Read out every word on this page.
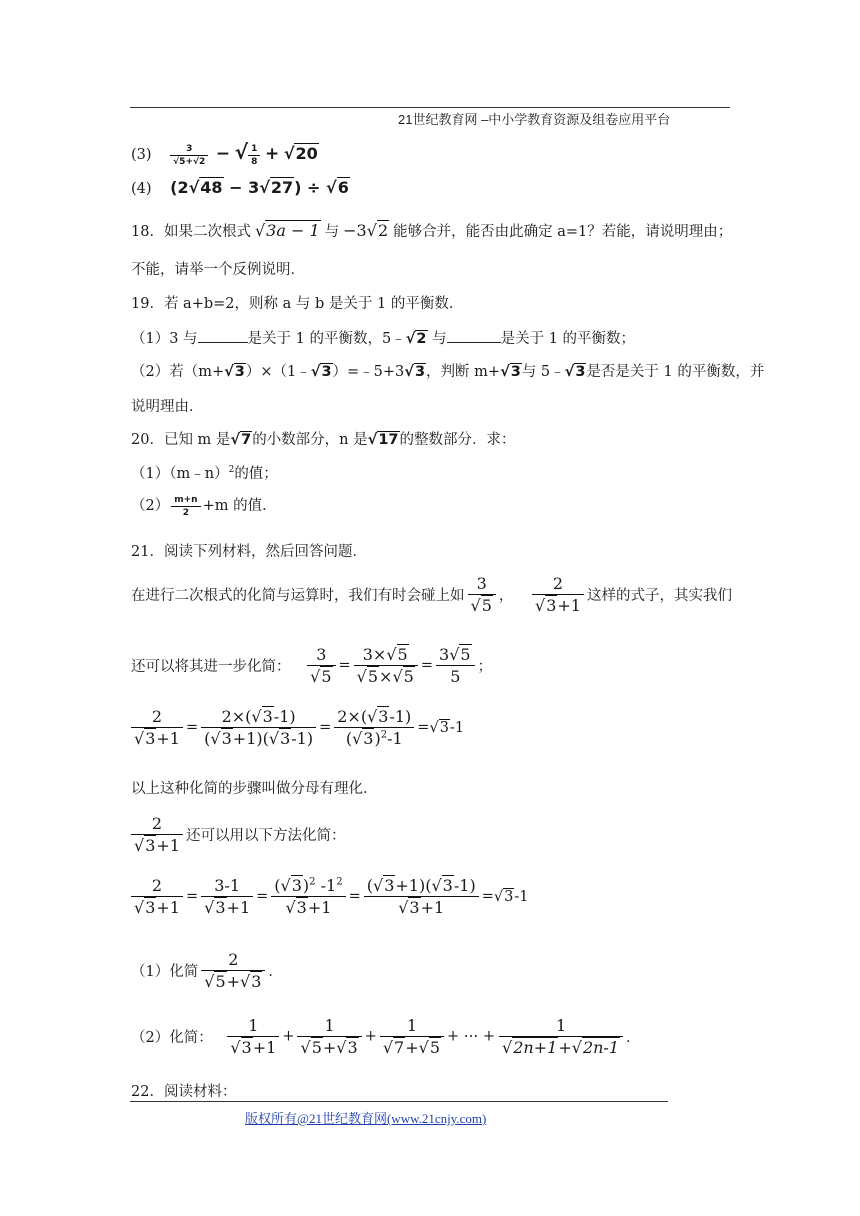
21世纪教育网 –中小学教育资源及组卷应用平台
$(3) \frac{3}{√5+√2}$ − √ $\frac{1}{8} + √20$
(4) (2√48 − 3√27) ÷ √6
18．如果二次根式 √3a − 1 与 −3√2 能够合并，能否由此确定 a=1？若能，请说明理由；
不能，请举一个反例说明．
19．若 a+b=2，则称 a 与 b 是关于 1 的平衡数．
（1）3 与	是关于 1 的平衡数，5﹣√2 与	是关于 1 的平衡数；
（2）若（m+√3）×（1﹣√3）=﹣5+3√3，判断 m+√3与 5﹣√3是否是关于 1 的平衡数，并
说明理由．
20．已知 m 是√7的小数部分，n 是√17的整数部分．求：
（1）（m﹣n）$^2$的值；
$(2) \frac{m+n}{2} +m$ 的值．
21．阅读下列材料，然后回答问题．
在进行二次根式的化简与运算时，我们有时会碰上如 $\frac{3}{√5}$ ， $\frac{2}{√3+1}$ 这样的式子，其实我们
还可以将其进一步化简： $\frac{3}{√5} = \frac{3\times√5}{√5\times√5} = \frac{3√5}{5}$ ；
$\frac{2}{√3+1} = \frac{2\times(√3-1)}{(√3+1)(√3-1)} = \frac{2\times(√3-1)}{(√3)^2-1} =√3-1$
以上这种化简的步骤叫做分母有理化．
$\frac{2}{√3+1}$ 还可以用以下方法化简：
$\frac{2}{√3+1} = \frac{3-1}{√3+1} = \frac{(√3)^2 -1^2}{√3+1} = \frac{(√3+1)(√3-1)}{√3+1} =√3-1$
（1）化简 $\frac{2}{√5+√3}$ ．
（2）化简： $\frac{1}{√3+1} + \frac{1}{√5+√3} + \frac{1}{√7+√5}$ + ⋯ + $\frac{1}{√2n+1+√2n-1}$ ．
22．阅读材料：
版权所有@21世纪教育网(www.21cnjy.com)
